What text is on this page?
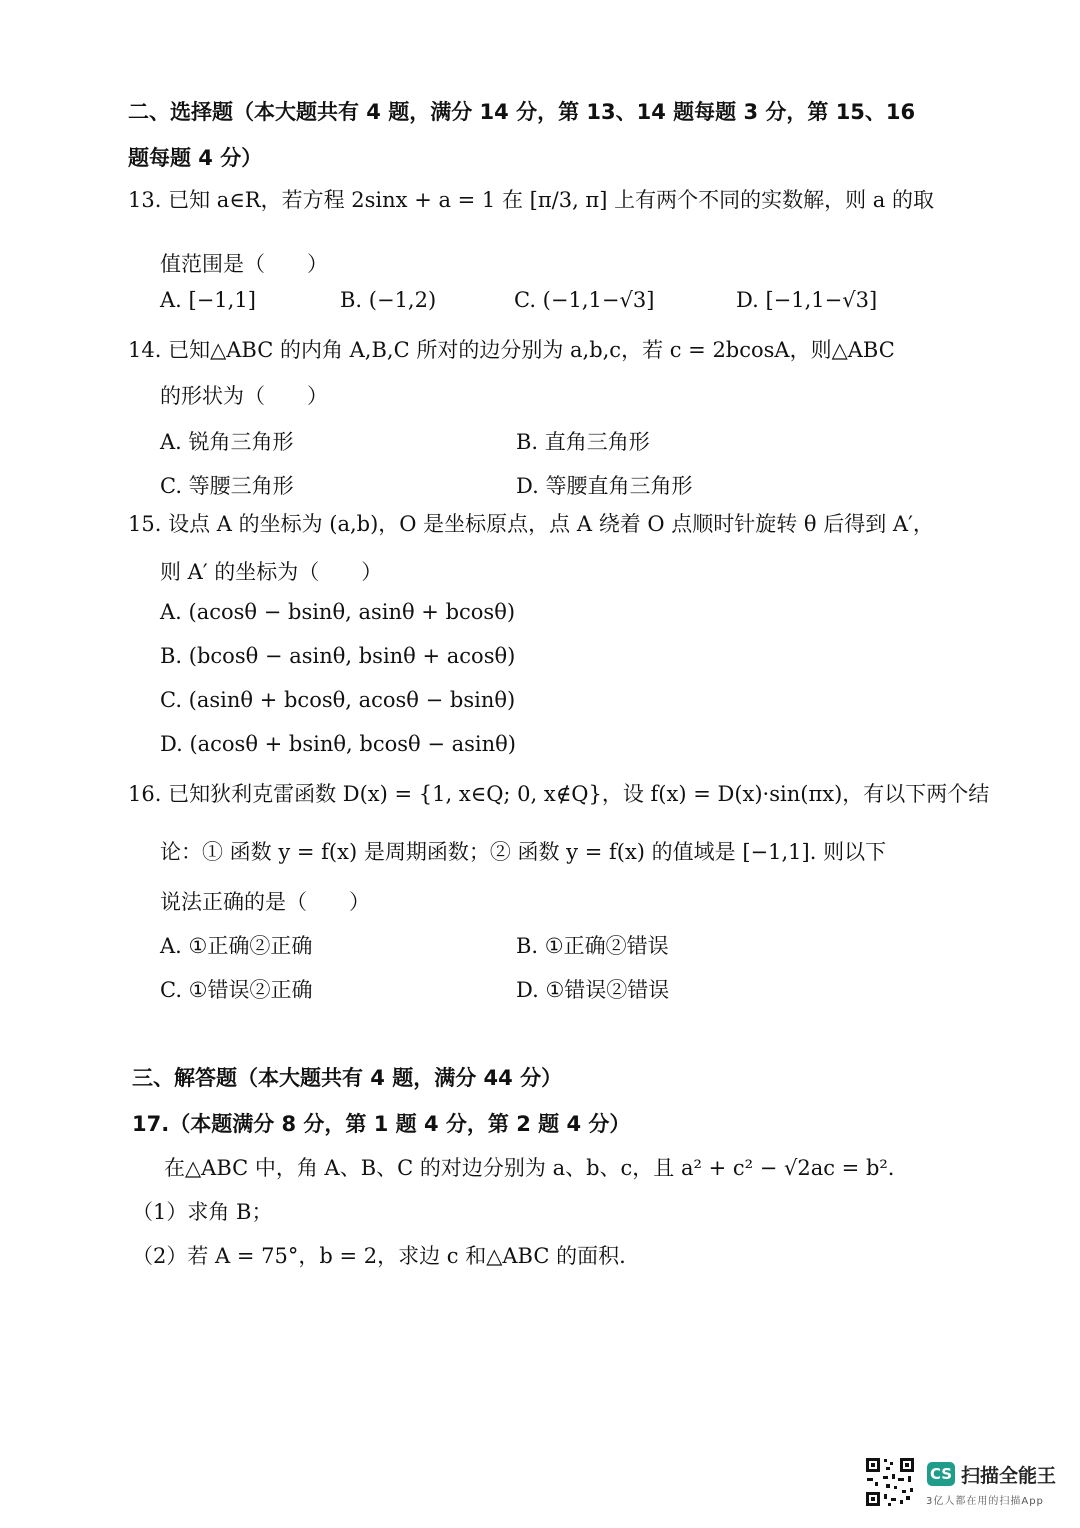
二、选择题（本大题共有 4 题，满分 14 分，第 13、14 题每题 3 分，第 15、16
题每题 4 分）
13. 已知 a∈R，若方程 2sinx + a = 1 在 [π/3, π] 上有两个不同的实数解，则 a 的取
值范围是（　　）
A. [−1,1]	B. (−1,2)	C. (−1,1−√3]	D. [−1,1−√3]
14. 已知△ABC 的内角 A,B,C 所对的边分别为 a,b,c，若 c = 2bcosA，则△ABC
的形状为（　　）
A. 锐角三角形	B. 直角三角形
C. 等腰三角形	D. 等腰直角三角形
15. 设点 A 的坐标为 (a,b)，O 是坐标原点，点 A 绕着 O 点顺时针旋转 θ 后得到 A′，
则 A′ 的坐标为（　　）
A. (acosθ − bsinθ, asinθ + bcosθ)
B. (bcosθ − asinθ, bsinθ + acosθ)
C. (asinθ + bcosθ, acosθ − bsinθ)
D. (acosθ + bsinθ, bcosθ − asinθ)
16. 已知狄利克雷函数 D(x) = {1, x∈Q; 0, x∉Q}，设 f(x) = D(x)·sin(πx)，有以下两个结
论：① 函数 y = f(x) 是周期函数；② 函数 y = f(x) 的值域是 [−1,1]. 则以下
说法正确的是（　　）
A. ①正确②正确	B. ①正确②错误
C. ①错误②正确	D. ①错误②错误
三、解答题（本大题共有 4 题，满分 44 分）
17.（本题满分 8 分，第 1 题 4 分，第 2 题 4 分）
在△ABC 中，角 A、B、C 的对边分别为 a、b、c，且 a² + c² − √2ac = b².
（1）求角 B；
（2）若 A = 75°，b = 2，求边 c 和△ABC 的面积.
CS 扫描全能王
3亿人都在用的扫描App
